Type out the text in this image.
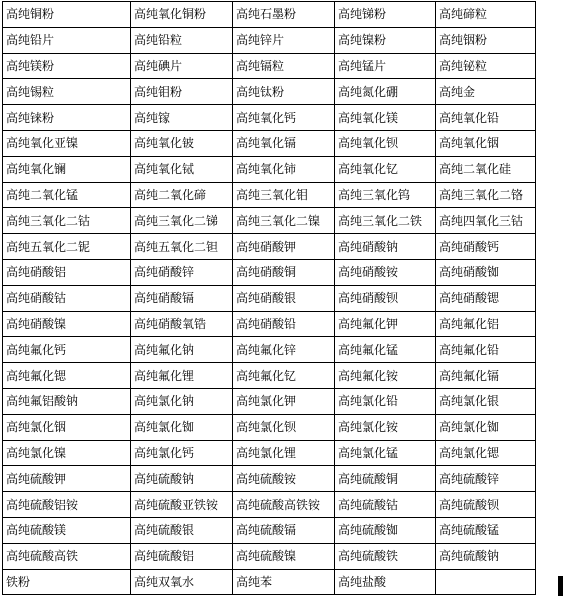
高纯铜粉	高纯氧化铜粉	高纯石墨粉	高纯锑粉	高纯碲粒
高纯铅片	高纯铅粒	高纯锌片	高纯镍粉	高纯铟粉
高纯镁粉	高纯碘片	高纯镉粒	高纯锰片	高纯铋粒
高纯锡粒	高纯钼粉	高纯钛粉	高纯氮化硼	高纯金
高纯铼粉	高纯镓	高纯氧化钙	高纯氧化镁	高纯氧化铅
高纯氧化亚镍	高纯氧化铍	高纯氧化镉	高纯氧化钡	高纯氧化铟
高纯氧化镧	高纯氧化铽	高纯氧化铈	高纯氧化钇	高纯二氧化硅
高纯二氧化锰	高纯二氧化碲	高纯三氧化钼	高纯三氧化钨	高纯三氧化二铬
高纯三氧化二钴	高纯三氧化二锑	高纯三氧化二镍	高纯三氧化二铁	高纯四氧化三钴
高纯五氧化二铌	高纯五氧化二钽	高纯硝酸钾	高纯硝酸钠	高纯硝酸钙
高纯硝酸铝	高纯硝酸锌	高纯硝酸铜	高纯硝酸铵	高纯硝酸铷
高纯硝酸钴	高纯硝酸镉	高纯硝酸银	高纯硝酸钡	高纯硝酸锶
高纯硝酸镍	高纯硝酸氧锆	高纯硝酸铅	高纯氟化钾	高纯氟化铝
高纯氟化钙	高纯氟化钠	高纯氟化锌	高纯氟化锰	高纯氟化铅
高纯氟化锶	高纯氟化锂	高纯氟化钇	高纯氟化铵	高纯氟化镉
高纯氟铝酸钠	高纯氯化钠	高纯氯化钾	高纯氯化铅	高纯氯化银
高纯氯化铟	高纯氯化铷	高纯氯化钡	高纯氯化铵	高纯氯化铷
高纯氯化镍	高纯氯化钙	高纯氯化锂	高纯氯化锰	高纯氯化锶
高纯硫酸钾	高纯硫酸钠	高纯硫酸铵	高纯硫酸铜	高纯硫酸锌
高纯硫酸铝铵	高纯硫酸亚铁铵	高纯硫酸高铁铵	高纯硫酸钴	高纯硫酸钡
高纯硫酸镁	高纯硫酸银	高纯硫酸镉	高纯硫酸铷	高纯硫酸锰
高纯硫酸高铁	高纯硫酸铝	高纯硫酸镍	高纯硫酸铁	高纯硫酸钠
铁粉	高纯双氧水	高纯苯	高纯盐酸	
